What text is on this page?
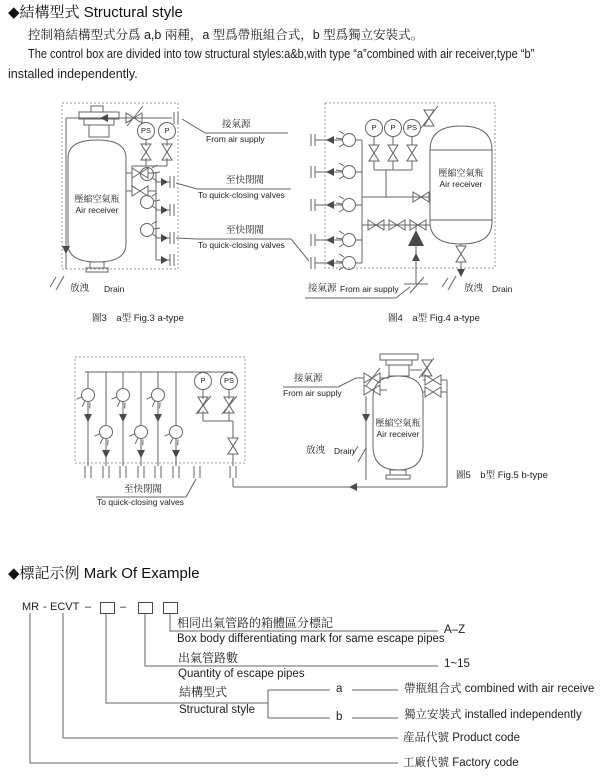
◆結構型式 Structural style
控制箱結構型式分爲 a,b 兩種，a 型爲帶瓶組合式，b 型爲獨立安裝式。
The control box are divided into tow structural styles:a&b,with type “a”combined with air receiver,type “b”
installed independently.
壓縮空氣瓶
Air receiver
PS P
放洩 Drain
圖3　a型 Fig.3 a-type
接氣源
From air supply
至快閉閥
To quick-closing valves
至快閉閥
To quick-closing valves
壓縮空氣瓶
Air receiver
P P PS
接氣源 From air supply	放洩 Drain
圖4　a型 Fig.4 a-type
P PS
至快閉閥
To quick-closing valves
接氣源
From air supply
放洩 Drain
壓縮空氣瓶
Air receiver
圖5　b型 Fig.5 b-type
◆標記示例 Mark Of Example
MR - ECVT –	–
相同出氣管路的箱體區分標記
Box body differentiating mark for same escape pipes
A–Z
出氣管路數
Quantity of escape pipes
1~15
結構型式
Structural style
a	帶瓶組合式 combined with air receive
b	獨立安裝式 installed independently
産品代號 Product code
工廠代號 Factory code
